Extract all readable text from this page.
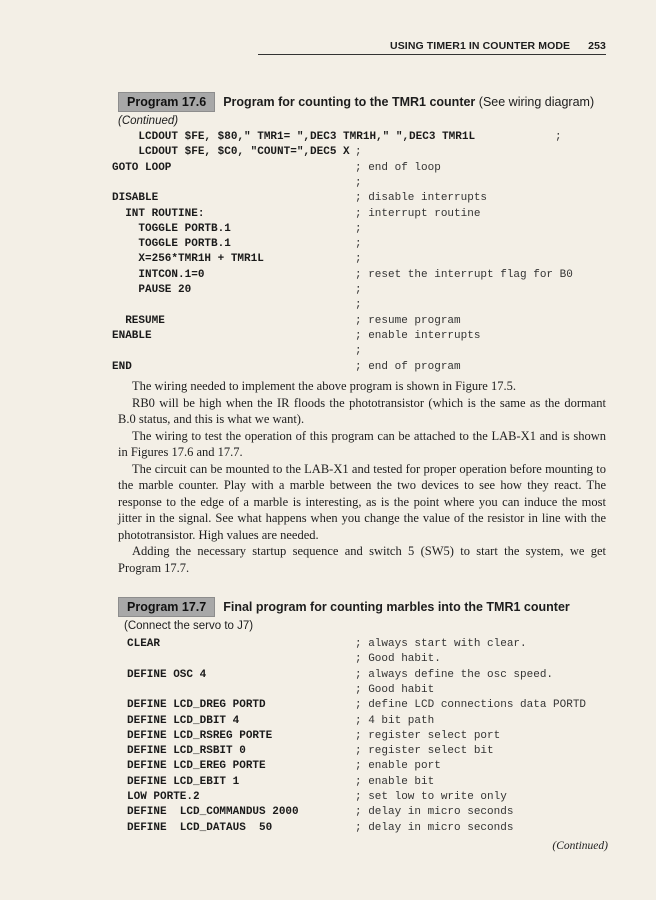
USING TIMER1 IN COUNTER MODE 253
Program 17.6 Program for counting to the TMR1 counter (See wiring diagram)
(Continued)
LCDOUT $FE, $80," TMR1= ",DEC3 TMR1H," ",DEC3 TMR1L	;
LCDOUT $FE, $C0, "COUNT=",DEC5 X ;
GOTO LOOP	; end of loop
;
DISABLE	; disable interrupts
INT ROUTINE:	; interrupt routine
TOGGLE PORTB.1	;
TOGGLE PORTB.1	;
X=256*TMR1H + TMR1L	;
INTCON.1=0	; reset the interrupt flag for B0
PAUSE 20	;
;
RESUME	; resume program
ENABLE	; enable interrupts
;
END	; end of program

The wiring needed to implement the above program is shown in Figure 17.5.

RB0 will be high when the IR floods the phototransistor (which is the same as the dormant B.0 status, and this is what we want).

The wiring to test the operation of this program can be attached to the LAB-X1 and is shown in Figures 17.6 and 17.7.

The circuit can be mounted to the LAB-X1 and tested for proper operation before mounting to the marble counter. Play with a marble between the two devices to see how they react. The response to the edge of a marble is interesting, as is the point where you can induce the most jitter in the signal. See what happens when you change the value of the resistor in line with the phototransistor. High values are needed.

Adding the necessary startup sequence and switch 5 (SW5) to start the system, we get Program 17.7.

Program 17.7 Final program for counting marbles into the TMR1 counter
(Connect the servo to J7)
CLEAR	; always start with clear.
; Good habit.
DEFINE OSC 4	; always define the osc speed.
; Good habit
DEFINE LCD_DREG PORTD	; define LCD connections data PORTD
DEFINE LCD_DBIT 4	; 4 bit path
DEFINE LCD_RSREG PORTE	; register select port
DEFINE LCD_RSBIT 0	; register select bit
DEFINE LCD_EREG PORTE	; enable port
DEFINE LCD_EBIT 1	; enable bit
LOW PORTE.2	; set low to write only
DEFINE  LCD_COMMANDUS 2000	; delay in micro seconds
DEFINE  LCD_DATAUS  50	; delay in micro seconds
(Continued)
